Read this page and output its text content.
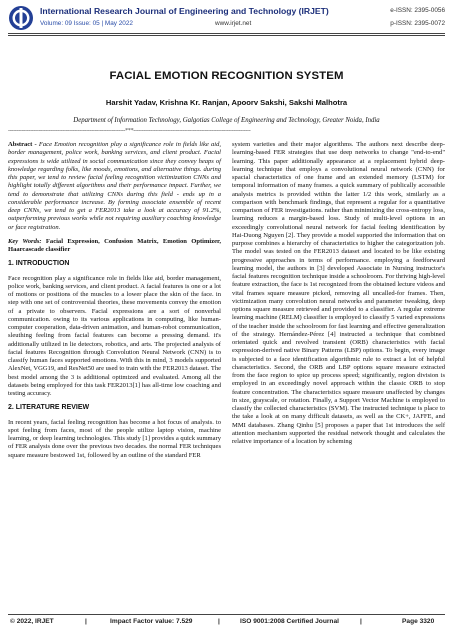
International Research Journal of Engineering and Technology (IRJET)
Volume: 09 Issue: 05 | May 2022	www.irjet.net
e-ISSN: 2395-0056
p-ISSN: 2395-0072
FACIAL EMOTION RECOGNITION SYSTEM
Harshit Yadav, Krishna Kr. Ranjan, Apoorv Sakshi, Sakshi Malhotra
Department of Information Technology, Galgotias College of Engineering and Technology, Greater Noida, India
---------------------------------------------------------------------***---------------------------------------------------------------------

Abstract - Face Emotion recognition play a significance role in fields like aid, border management, police work, banking services, and client product. Facial expressions is wide utilized in social communication since they convey heaps of knowledge regarding folks, like moods, emotions, and alternative things. during this paper, we tend to review facial feeling recognition victimization CNNs and highlight totally different algorithms and their performance impact. Further, we tend to demonstrate that utilizing CNNs during this field - ends up in a considerable performance increase. By forming associate ensemble of recent deep CNNs, we tend to get a FER2013 take a look at accuracy of 91.2%, outperforming previous works while not requiring auxiliary coaching knowledge or face registration.

Key Words: Facial Expression, Confusion Matrix, Emotion Optimizer, Haarcascade classifier

1. INTRODUCTION

Face recognition play a significance role in fields like aid, border management, police work, banking services, and client product. A facial features is one or a lot of motions or positions of the muscles to a lower place the skin of the face. in step with one set of controversial theories, these movements convey the emotion of a private to observers. Facial expressions are a sort of nonverbal communication. owing to its various applications in computing, like human-computer cooperation, data-driven animation, and human-robot communication, sleuthing feeling from facial features can become a pressing demand. it's additionally utilized in lie detectors, robotics, and arts. The projected analysis of facial features Recognition through Convolution Neural Network (CNN) is to classify human faces supported emotions. With this in mind, 3 models supported AlexNet, VGG19, and ResNet50 are used to train with the FER2013 dataset. The best model among the 3 is additional optimized and evaluated. Among all the datasets being employed for this task FER2013[1] has all-time low coaching and testing accuracy.

2. LITERATURE REVIEW

In recent years, facial feeling recognition has become a hot focus of analysis. to spot feeling from faces, most of the people utilize laptop vision, machine learning, or deep learning technologies. This study [1] provides a quick summary of FER analysis done over the previous two decades. the normal FER techniques square measure bestowed 1st, followed by an outline of the standard FER

system varieties and their major algorithms. The authors next describe deep-learning-based FER strategies that use deep networks to change "end-to-end" learning. This paper additionally appearance at a replacement hybrid deep-learning technique that employs a convolutional neural network (CNN) for spacial characteristics of one frame and an extended memory (LSTM) for temporal information of many frames. a quick summary of publically accessible analysis metrics is provided within the latter 1/2 this work, similarly as a comparison with benchmark findings, that represent a regular for a quantitative comparison of FER investigations. rather than minimizing the cross-entropy loss, learning reduces a margin-based loss. Study of multi-level options in an exceedingly convolutional neural network for facial feeling identification by Hai-Duong Nguyen [2]. They provide a model supported the information that on purpose combines a hierarchy of characteristics to higher the categorization job. The model was tested on the FER2013 dataset and located to be like existing progressive approaches in terms of performance. employing a feedforward learning model, the authors in [3] developed Associate in Nursing instructor's facial features recognition technique inside a schoolroom. For thriving high-level feature extraction, the face is 1st recognized from the obtained lecture videos and vital frames square measure picked, removing all uncalled-for frames. Then, victimization many convolution neural networks and parameter tweaking, deep options square measure retrieved and provided to a classifier. A regular extreme learning machine (RELM) classifier is employed to classify 5 varied expressions of the teacher inside the schoolroom for fast learning and effective generalization of the strategy. Hernández-Pérez [4] instructed a technique that combined orientated quick and revolved transient (ORB) characteristics with facial expression-derived native Binary Patterns (LBP) options. To begin, every image is subjected to a face identification algorithmic rule to extract a lot of helpful characteristics. Second, the ORB and LBP options square measure extracted from the face region to spice up process speed; significantly, region division is employed in an exceedingly novel approach within the classic ORB to stop feature concentration. The characteristics square measure unaffected by changes in size, grayscale, or rotation. Finally, a Support Vector Machine is employed to classify the collected characteristics (SVM). The instructed technique is place to the take a look at on many difficult datasets, as well as the CK+, JAFFE, and MMI databases. Zhang Qinhu [5] proposes a paper that 1st introduces the self attention mechanism supported the residual network thought and calculates the relative importance of a location by scheming

© 2022, IRJET	|	Impact Factor value: 7.529	|	ISO 9001:2008 Certified Journal	|	Page 3320
